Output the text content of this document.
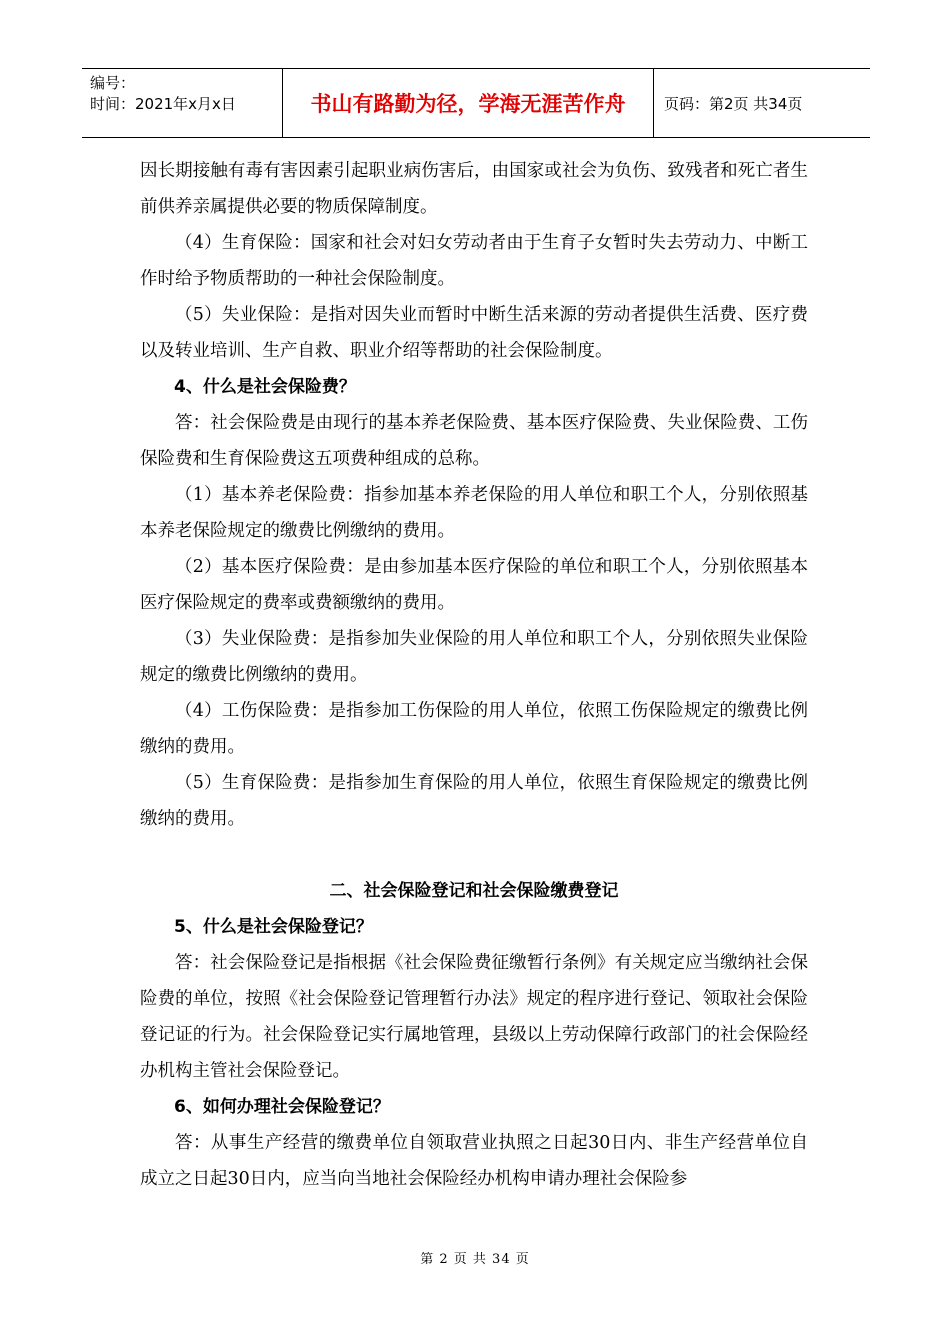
编号：
时间：2021年x月x日	书山有路勤为径，学海无涯苦作舟	页码：第2页 共34页

因长期接触有毒有害因素引起职业病伤害后，由国家或社会为负伤、致残者和死亡者生前供养亲属提供必要的物质保障制度。

（4）生育保险：国家和社会对妇女劳动者由于生育子女暂时失去劳动力、中断工作时给予物质帮助的一种社会保险制度。

（5）失业保险：是指对因失业而暂时中断生活来源的劳动者提供生活费、医疗费以及转业培训、生产自救、职业介绍等帮助的社会保险制度。

4、什么是社会保险费？

答：社会保险费是由现行的基本养老保险费、基本医疗保险费、失业保险费、工伤保险费和生育保险费这五项费种组成的总称。

（1）基本养老保险费：指参加基本养老保险的用人单位和职工个人，分别依照基本养老保险规定的缴费比例缴纳的费用。

（2）基本医疗保险费：是由参加基本医疗保险的单位和职工个人，分别依照基本医疗保险规定的费率或费额缴纳的费用。

（3）失业保险费：是指参加失业保险的用人单位和职工个人，分别依照失业保险规定的缴费比例缴纳的费用。

（4）工伤保险费：是指参加工伤保险的用人单位，依照工伤保险规定的缴费比例缴纳的费用。

（5）生育保险费：是指参加生育保险的用人单位，依照生育保险规定的缴费比例缴纳的费用。

二、社会保险登记和社会保险缴费登记

5、什么是社会保险登记？

答：社会保险登记是指根据《社会保险费征缴暂行条例》有关规定应当缴纳社会保险费的单位，按照《社会保险登记管理暂行办法》规定的程序进行登记、领取社会保险登记证的行为。社会保险登记实行属地管理，县级以上劳动保障行政部门的社会保险经办机构主管社会保险登记。

6、如何办理社会保险登记？

答：从事生产经营的缴费单位自领取营业执照之日起30日内、非生产经营单位自成立之日起30日内，应当向当地社会保险经办机构申请办理社会保险参

第 2 页 共 34 页
